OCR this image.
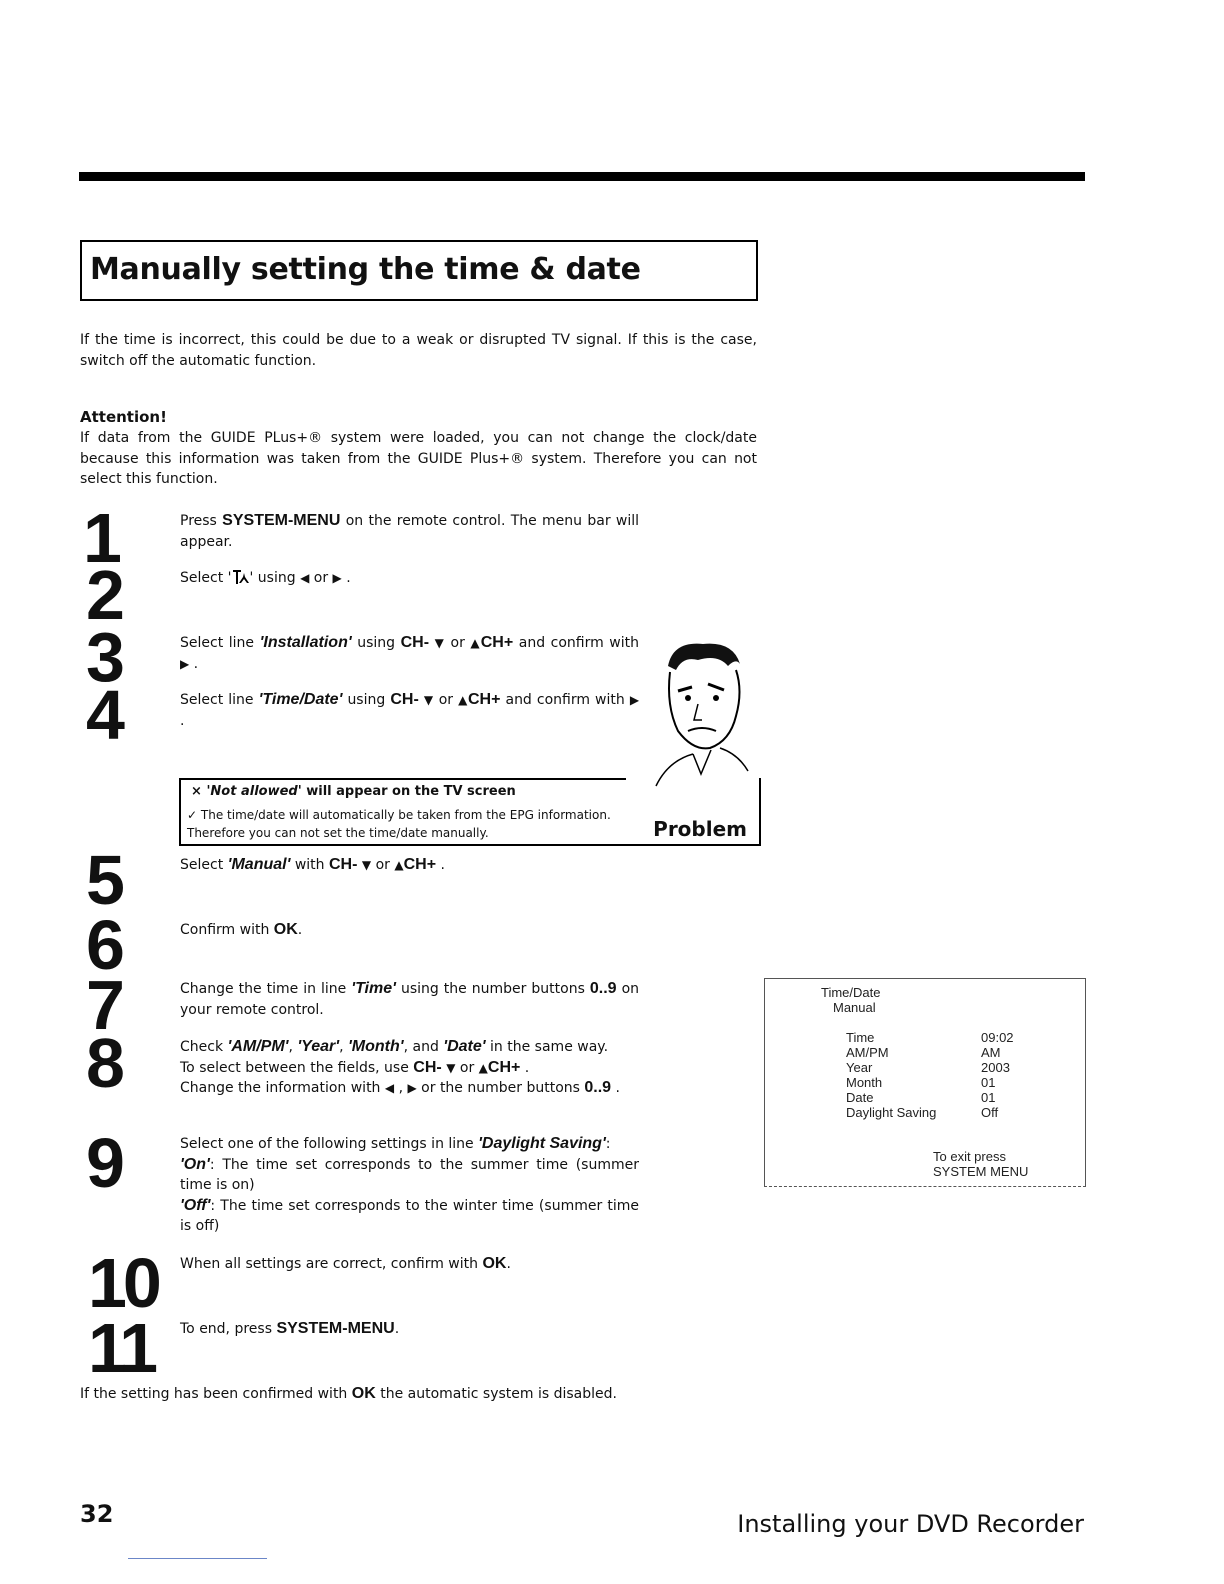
Manually setting the time & date
If the time is incorrect, this could be due to a weak or disrupted TV signal. If this is the case, switch off the automatic function.
Attention!
If data from the GUIDE PLus+® system were loaded, you can not change the clock/date because this information was taken from the GUIDE Plus+® system. Therefore you can not select this function.
1
2
3
4
5
6
7
8
9
10
11
Press SYSTEM-MENU on the remote control. The menu bar will appear.
Select ' ' using ◀ or ▶ .
Select line 'Installation' using CH- ▼ or ▲CH+ and confirm with ▶ .
Select line 'Time/Date' using CH- ▼ or ▲CH+ and confirm with ▶ .
× 'Not allowed' will appear on the TV screen
✓ The time/date will automatically be taken from the EPG information. Therefore you can not set the time/date manually.	Problem
Select 'Manual' with CH- ▼ or ▲CH+ .
Confirm with OK.
Change the time in line 'Time' using the number buttons 0..9 on your remote control.
Check 'AM/PM', 'Year', 'Month', and 'Date' in the same way.
To select between the fields, use CH- ▼ or ▲CH+ .
Change the information with ◀ , ▶ or the number buttons 0..9 .
Select one of the following settings in line 'Daylight Saving':
'On': The time set corresponds to the summer time (summer time is on)
'Off': The time set corresponds to the winter time (summer time is off)
When all settings are correct, confirm with OK.
To end, press SYSTEM-MENU.
If the setting has been confirmed with OK the automatic system is disabled.
Time/Date
Manual
Time	09:02
AM/PM	AM
Year	2003
Month	01
Date	01
Daylight Saving	Off
To exit press
SYSTEM MENU
32	Installing your DVD Recorder
